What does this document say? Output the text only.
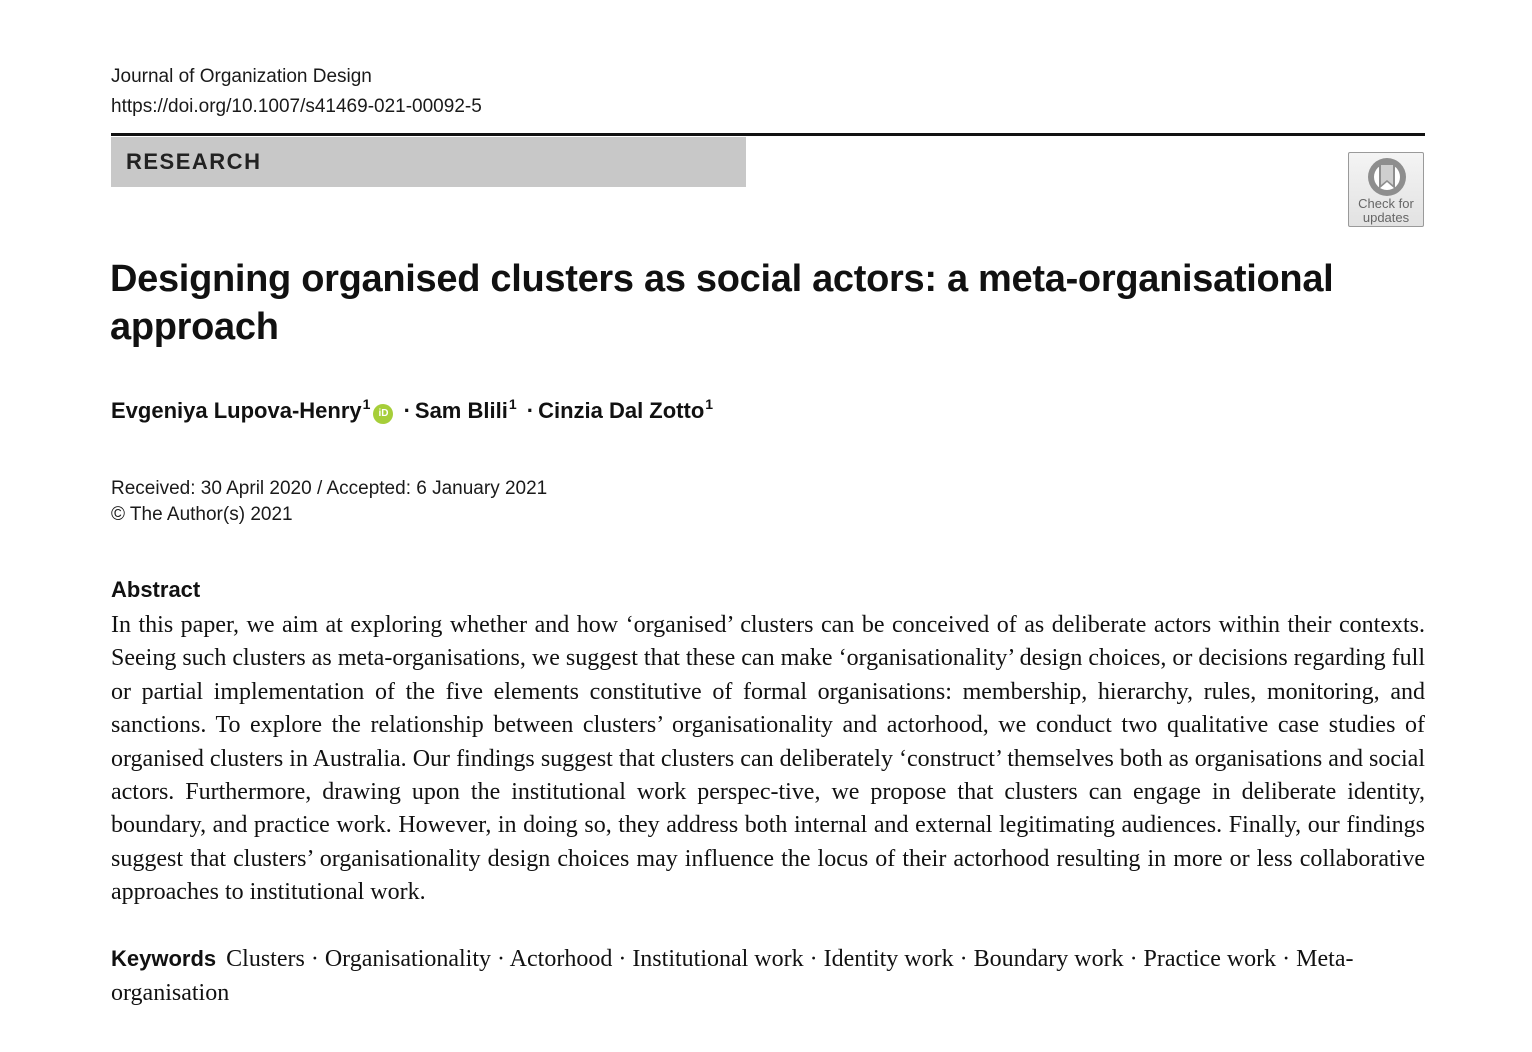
Journal of Organization Design
https://doi.org/10.1007/s41469-021-00092-5
RESEARCH
Check for
updates
Designing organised clusters as social actors: a meta-organisational approach
Evgeniya Lupova-Henry$^1$iD · Sam Blili$^1$ · Cinzia Dal Zotto$^1$
Received: 30 April 2020 / Accepted: 6 January 2021
© The Author(s) 2021
Abstract

In this paper, we aim at exploring whether and how ‘organised’ clusters can be conceived of as deliberate actors within their contexts. Seeing such clusters as meta-organisations, we suggest that these can make ‘organisationality’ design choices, or decisions regarding full or partial implementation of the five elements constitutive of formal organisations: membership, hierarchy, rules, monitoring, and sanctions. To explore the relationship between clusters’ organisationality and actorhood, we conduct two qualitative case studies of organised clusters in Australia. Our findings suggest that clusters can deliberately ‘construct’ themselves both as organisations and social actors. Furthermore, drawing upon the institutional work perspec-tive, we propose that clusters can engage in deliberate identity, boundary, and practice work. However, in doing so, they address both internal and external legitimating audiences. Finally, our findings suggest that clusters’ organisationality design choices may influence the locus of their actorhood resulting in more or less collaborative approaches to institutional work.

Keywords Clusters · Organisationality · Actorhood · Institutional work · Identity work · Boundary work · Practice work · Meta-organisation
